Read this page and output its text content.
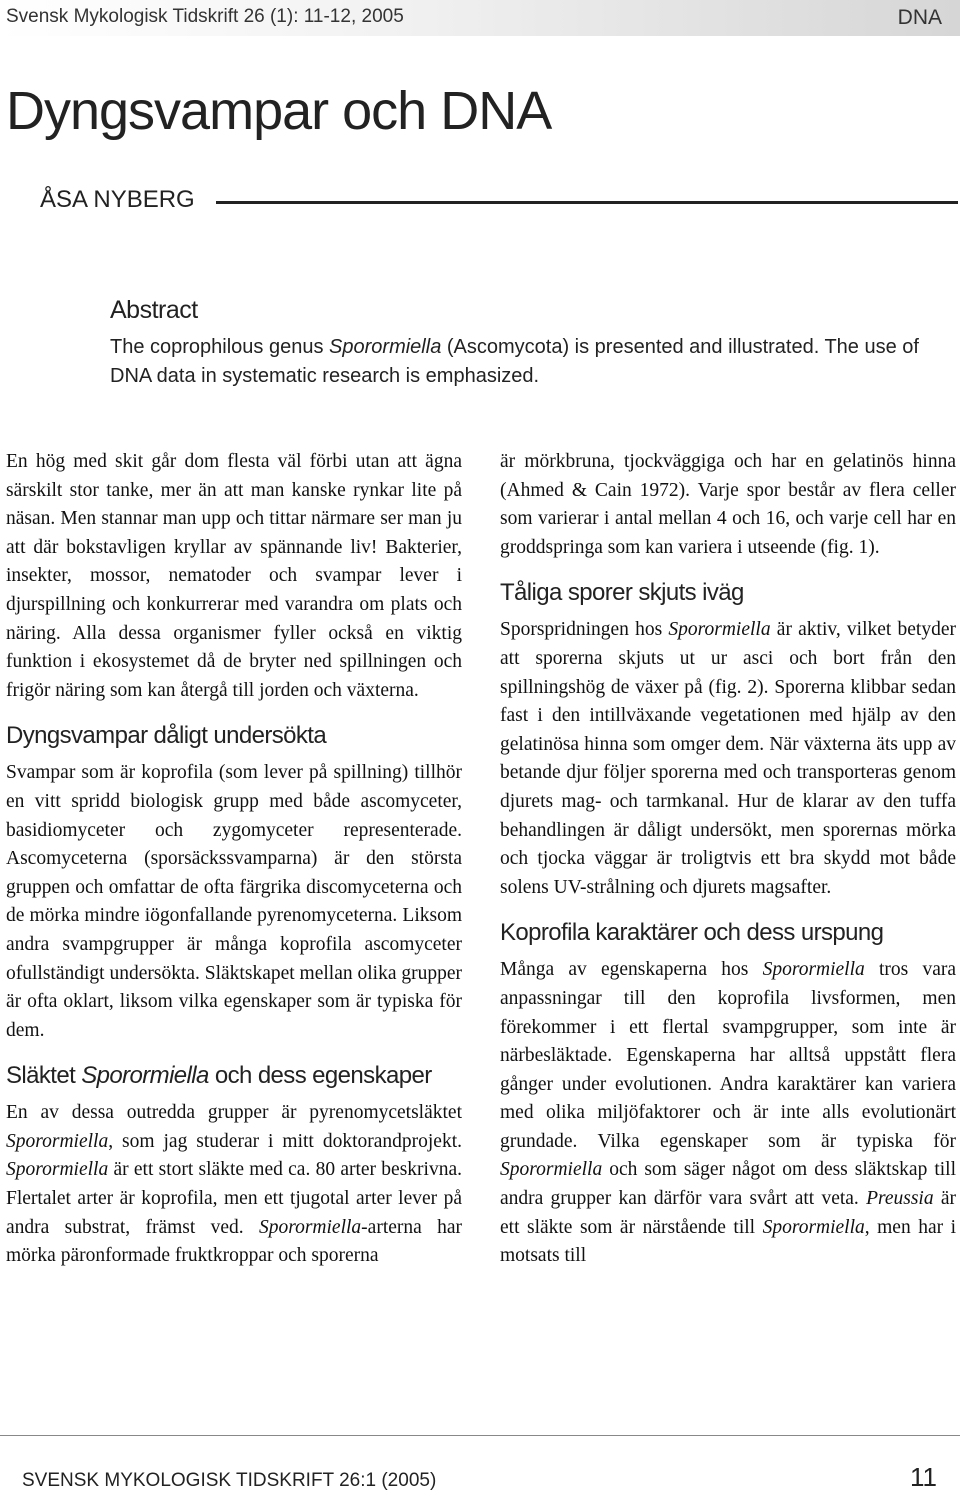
Svensk Mykologisk Tidskrift 26 (1): 11-12, 2005	DNA
Dyngsvampar och DNA
ÅSA NYBERG
Abstract
The coprophilous genus Sporormiella (Ascomycota) is presented and illustrated. The use of DNA data in systematic research is emphasized.

En hög med skit går dom flesta väl förbi utan att ägna särskilt stor tanke, mer än att man kanske rynkar lite på näsan. Men stannar man upp och tittar närmare ser man ju att där bokstavligen kryllar av spännande liv! Bakterier, insekter, mossor, nematoder och svampar lever i djurspillning och konkurrerar med varandra om plats och näring. Alla dessa organismer fyller också en viktig funktion i ekosystemet då de bryter ned spillningen och frigör näring som kan återgå till jorden och växterna.

Dyngsvampar dåligt undersökta

Svampar som är koprofila (som lever på spillning) tillhör en vitt spridd biologisk grupp med både ascomyceter, basidiomyceter och zygomyceter representerade. Ascomyceterna (sporsäckssvamparna) är den största gruppen och omfattar de ofta färgrika discomyceterna och de mörka mindre iögonfallande pyrenomyceterna. Liksom andra svampgrupper är många koprofila ascomyceter ofullständigt undersökta. Släktskapet mellan olika grupper är ofta oklart, liksom vilka egenskaper som är typiska för dem.

Släktet Sporormiella och dess egenskaper

En av dessa outredda grupper är pyrenomycetsläktet Sporormiella, som jag studerar i mitt doktorandprojekt. Sporormiella är ett stort släkte med ca. 80 arter beskrivna. Flertalet arter är koprofila, men ett tjugotal arter lever på andra substrat, främst ved. Sporormiella-arterna har mörka päronformade fruktkroppar och sporerna

är mörkbruna, tjockväggiga och har en gelatinös hinna (Ahmed & Cain 1972). Varje spor består av flera celler som varierar i antal mellan 4 och 16, och varje cell har en groddspringa som kan variera i utseende (fig. 1).

Tåliga sporer skjuts iväg

Sporspridningen hos Sporormiella är aktiv, vilket betyder att sporerna skjuts ut ur asci och bort från den spillningshög de växer på (fig. 2). Sporerna klibbar sedan fast i den intillväxande vegetationen med hjälp av den gelatinösa hinna som omger dem. När växterna äts upp av betande djur följer sporerna med och transporteras genom djurets mag- och tarmkanal. Hur de klarar av den tuffa behandlingen är dåligt undersökt, men sporernas mörka och tjocka väggar är troligtvis ett bra skydd mot både solens UV-strålning och djurets magsafter.

Koprofila karaktärer och dess urspung

Många av egenskaperna hos Sporormiella tros vara anpassningar till den koprofila livsformen, men förekommer i ett flertal svampgrupper, som inte är närbesläktade. Egenskaperna har alltså uppstått flera gånger under evolutionen. Andra karaktärer kan variera med olika miljöfaktorer och är inte alls evolutionärt grundade. Vilka egenskaper som är typiska för Sporormiella och som säger något om dess släktskap till andra grupper kan därför vara svårt att veta. Preussia är ett släkte som är närstående till Sporormiella, men har i motsats till

SVENSK MYKOLOGISK TIDSKRIFT 26:1 (2005)	11
